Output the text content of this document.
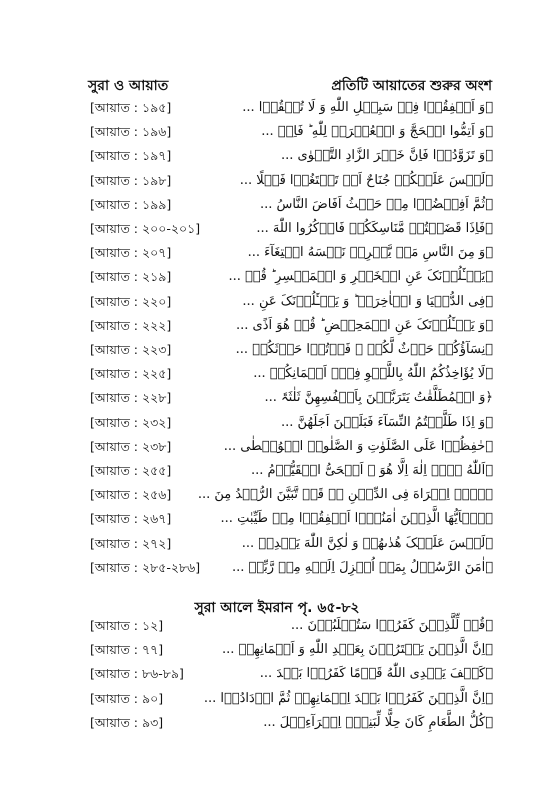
সুরা ও আয়াত	প্রতিটি আয়াতের শুরুর অংশ
[আয়াত : ১৯৫]	﴿وَ اَنۡفِقُوۡا فِیۡ سَبِیۡلِ اللّٰهِ وَ لَا تُلۡقُوۡا ...
[আয়াত : ১৯৬]	﴿وَ اَتِمُّوا الۡحَجَّ وَ الۡعُمۡرَۃَ لِلّٰهِ ؕ فَاِنۡ ...
[আয়াত : ১৯৭]	﴿وَ تَزَوَّدُوۡا فَاِنَّ خَیۡرَ الزَّادِ التَّقۡوٰی ...
[আয়াত : ১৯৮]	﴿لَیۡسَ عَلَیۡکُمۡ جُنَاحٌ اَنۡ تَبۡتَغُوۡا فَضۡلًا ...
[আয়াত : ১৯৯]	﴿ثُمَّ اَفِیۡضُوۡا مِنۡ حَیۡثُ اَفَاضَ النَّاسُ ...
[আয়াত : ২০০-২০১]	﴿فَاِذَا قَضَیۡتُمۡ مَّنَاسِکَکُمۡ فَاذۡکُرُوا اللّٰهَ ...
[আয়াত : ২০৭]	﴿وَ مِنَ النَّاسِ مَنۡ یَّشۡرِیۡ نَفۡسَهُ ابۡتِغَآءَ ...
[আয়াত : ২১৯]	﴿یَسۡـَٔلُوۡنَکَ عَنِ الۡخَمۡرِ وَ الۡمَیۡسِرِ ؕ قُلۡ ...
[আয়াত : ২২০]	﴿فِی الدُّنۡیَا وَ الۡاٰخِرَۃِ ؕ وَ یَسۡـَٔلُوۡنَکَ عَنِ ...
[আয়াত : ২২২]	﴿وَ یَسۡـَٔلُوۡنَکَ عَنِ الۡمَحِیۡضِ ؕ قُلۡ هُوَ اَذًی ...
[আয়াত : ২২৩]	﴿نِسَآؤُکُمۡ حَرۡثٌ لَّکُمۡ ۪ فَاۡتُوۡا حَرۡثَکُمۡ ...
[আয়াত : ২২৫]	﴿لَا یُؤَاخِذُکُمُ اللّٰهُ بِاللَّغۡوِ فِیۡۤ اَیۡمَانِکُمۡ ...
[আয়াত : ২২৮]	﴿وَ الۡمُطَلَّقٰتُ یَتَرَبَّصۡنَ بِاَنۡفُسِهِنَّ ثَلٰثَۃَ ...
[আয়াত : ২৩২]	﴿وَ اِذَا طَلَّقۡتُمُ النِّسَآءَ فَبَلَغۡنَ اَجَلَهُنَّ ...
[আয়াত : ২৩৮]	﴿حٰفِظُوۡا عَلَی الصَّلَوٰتِ وَ الصَّلٰوۃِ الۡوُسۡطٰی ...
[আয়াত : ২৫৫]	﴿اَللّٰهُ لَاۤ اِلٰهَ اِلَّا هُوَ ۚ اَلۡحَیُّ الۡقَیُّوۡمُ ...
[আয়াত : ২৫৬] ﴿لَاۤ اِکۡرَاهَ فِی الدِّیۡنِ ۟ۙ قَدۡ تَّبَیَّنَ الرُّشۡدُ مِنَ ...
[আয়াত : ২৬৭]	﴿یٰۤاَیُّهَا الَّذِیۡنَ اٰمَنُوۡۤا اَنۡفِقُوۡا مِنۡ طَیِّبٰتِ ...
[আয়াত : ২৭২]	﴿لَیۡسَ عَلَیۡکَ هُدٰىهُمۡ وَ لٰکِنَّ اللّٰهَ یَهۡدِیۡ ...
[আয়াত : ২৮৫-২৮৬] ﴿اٰمَنَ الرَّسُوۡلُ بِمَاۤ اُنۡزِلَ اِلَیۡهِ مِنۡ رَّبِّهٖ ...
সুরা আলে ইমরান পৃ. ৬৫-৮২
[আয়াত : ১২]	﴿قُلۡ لِّلَّذِیۡنَ کَفَرُوۡا سَتُغۡلَبُوۡنَ ...
[আয়াত : ৭৭]	﴿اِنَّ الَّذِیۡنَ یَشۡتَرُوۡنَ بِعَهۡدِ اللّٰهِ وَ اَیۡمَانِهِمۡ ...
[আয়াত : ৮৬-৮৯]	﴿کَیۡفَ یَهۡدِی اللّٰهُ قَوۡمًا کَفَرُوۡا بَعۡدَ ...
[আয়াত : ৯০]	﴿اِنَّ الَّذِیۡنَ کَفَرُوۡا بَعۡدَ اِیۡمَانِهِمۡ ثُمَّ ازۡدَادُوۡا ...
[আয়াত : ৯৩]	﴿کُلُّ الطَّعَامِ کَانَ حِلًّا لِّبَنِیۡۤ اِسۡرَآءِیۡلَ ...
